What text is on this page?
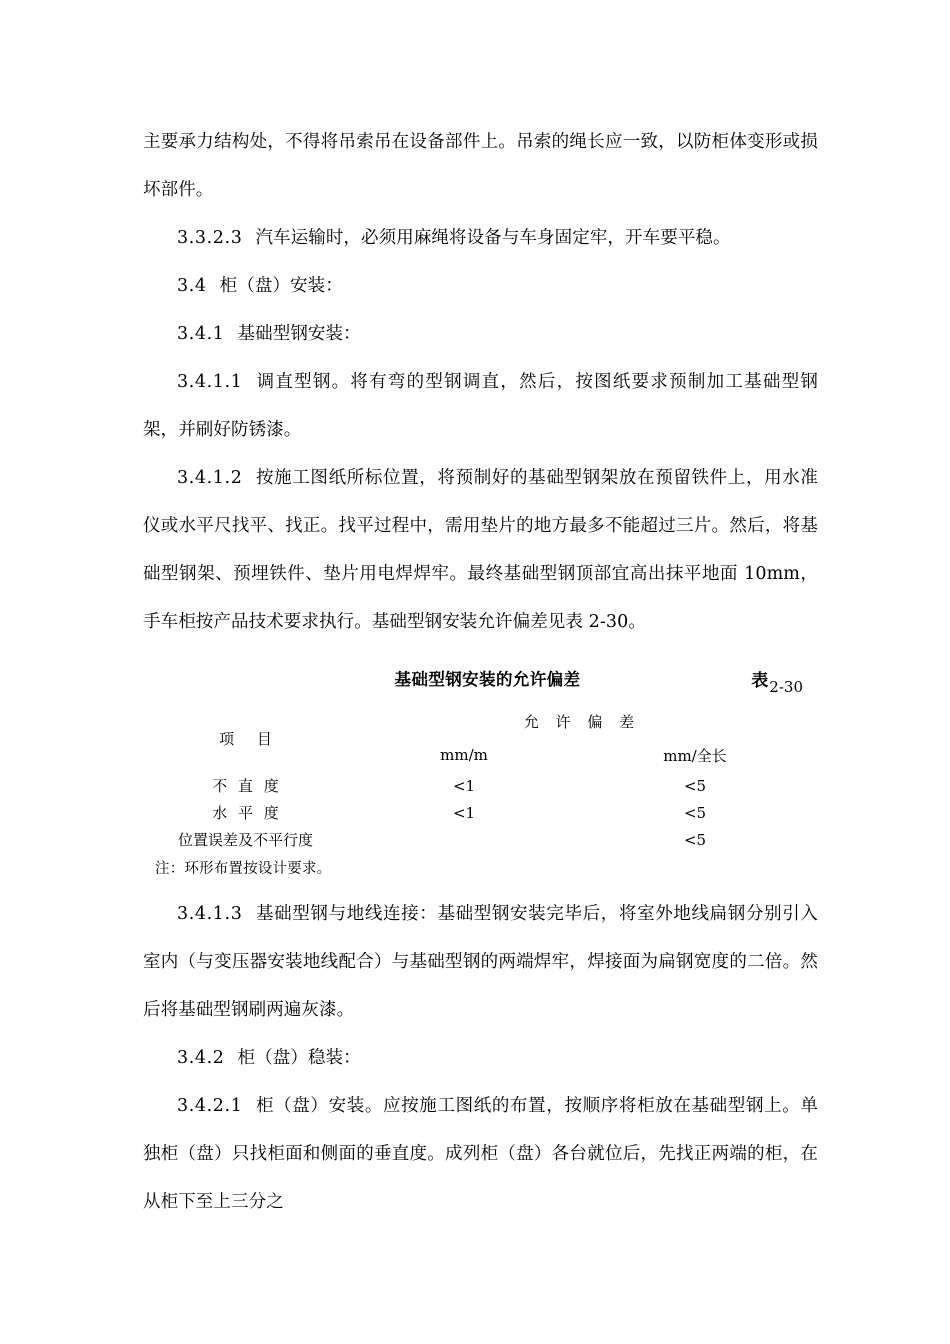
主要承力结构处，不得将吊索吊在设备部件上。吊索的绳长应一致，以防柜体变形或损坏部件。

3.3.2.3 汽车运输时，必须用麻绳将设备与车身固定牢，开车要平稳。

3.4 柜（盘）安装：

3.4.1 基础型钢安装：

3.4.1.1 调直型钢。将有弯的型钢调直，然后，按图纸要求预制加工基础型钢架，并刷好防锈漆。

3.4.1.2 按施工图纸所标位置，将预制好的基础型钢架放在预留铁件上，用水准仪或水平尺找平、找正。找平过程中，需用垫片的地方最多不能超过三片。然后，将基础型钢架、预埋铁件、垫片用电焊焊牢。最终基础型钢顶部宜高出抹平地面 10mm，手车柜按产品技术要求执行。基础型钢安装允许偏差见表 2-30。

基础型钢安装的允许偏差	表2-30
项 目	允 许 偏 差	
	mm/m	mm/全长
不 直 度	<1	<5
水 平 度	<1	<5
位置误差及不平行度		<5
注：环形布置按设计要求。

3.4.1.3 基础型钢与地线连接：基础型钢安装完毕后，将室外地线扁钢分别引入室内（与变压器安装地线配合）与基础型钢的两端焊牢，焊接面为扁钢宽度的二倍。然后将基础型钢刷两遍灰漆。

3.4.2 柜（盘）稳装：

3.4.2.1 柜（盘）安装。应按施工图纸的布置，按顺序将柜放在基础型钢上。单独柜（盘）只找柜面和侧面的垂直度。成列柜（盘）各台就位后，先找正两端的柜，在从柜下至上三分之
